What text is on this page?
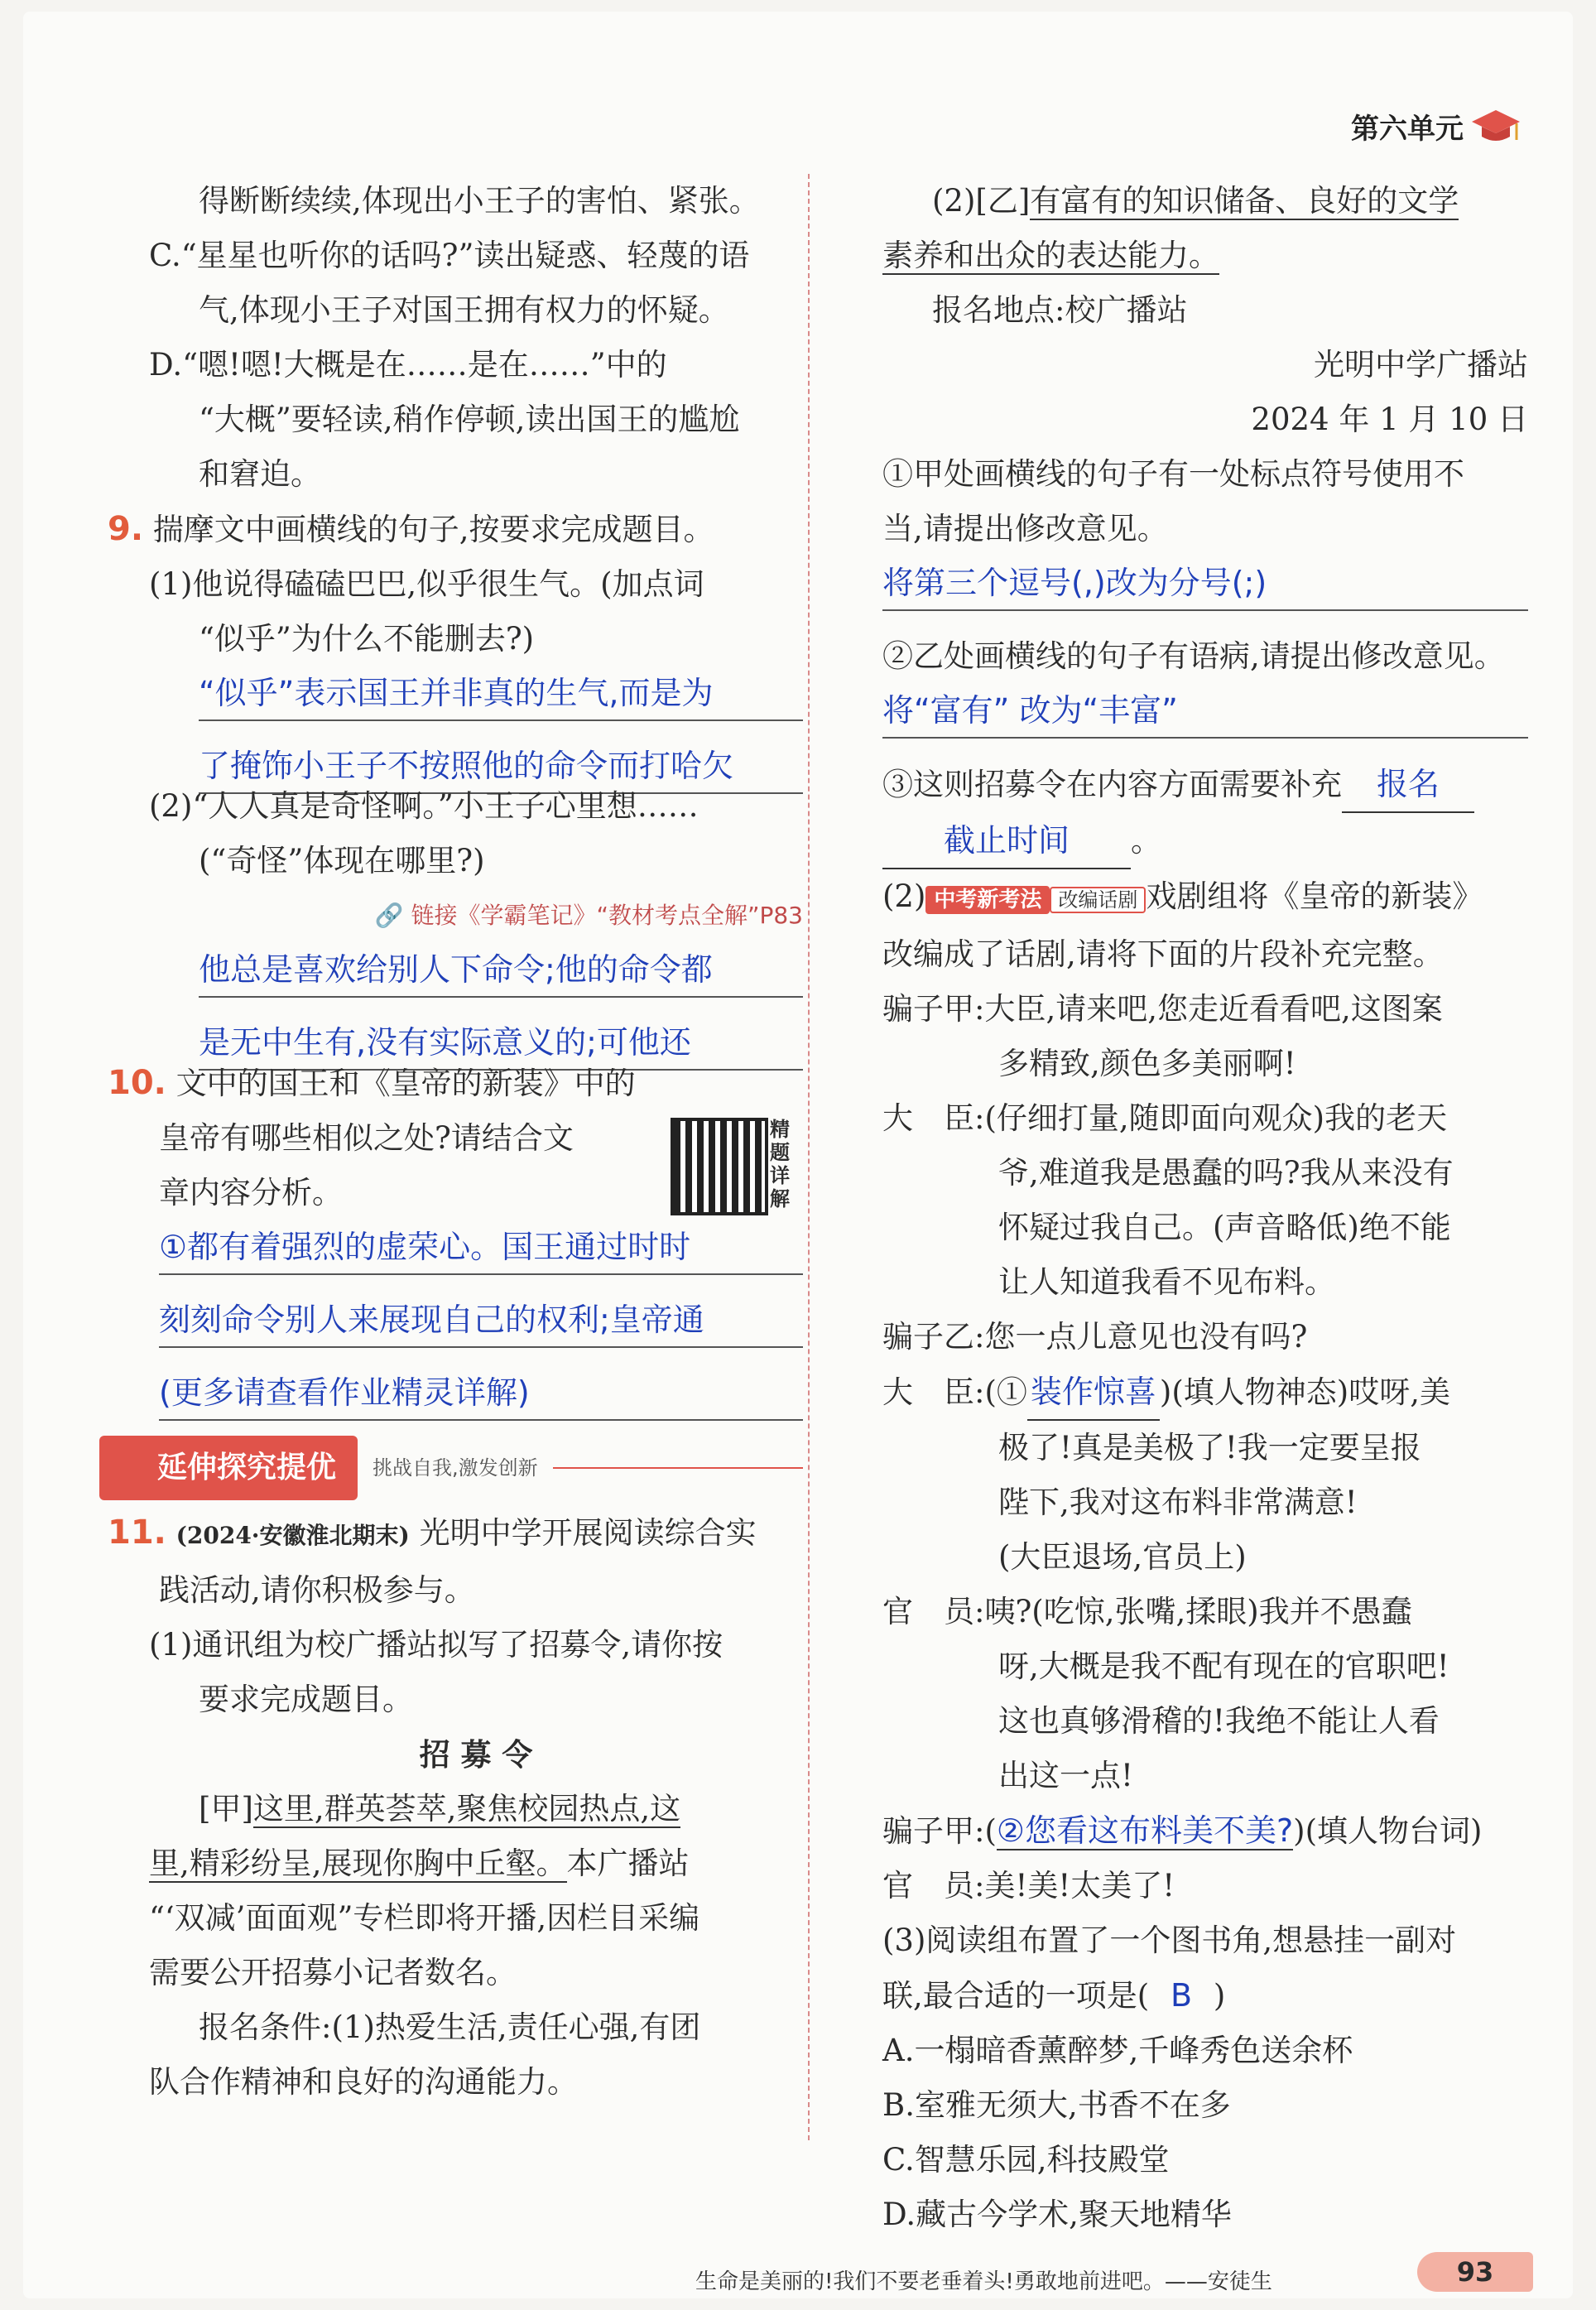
第六单元
得断断续续,体现出小王子的害怕、紧张。
C.“星星也听你的话吗?”读出疑惑、轻蔑的语
气,体现小王子对国王拥有权力的怀疑。
D.“嗯!嗯!大概是在……是在……”中的
“大概”要轻读,稍作停顿,读出国王的尴尬
和窘迫。
9. 揣摩文中画横线的句子,按要求完成题目。
(1)他说得磕磕巴巴,似乎很生气。(加点词
“似乎”为什么不能删去?)
“似乎”表示国王并非真的生气,而是为
了掩饰小王子不按照他的命令而打哈欠
(2)“人人真是奇怪啊。”小王子心里想……
(“奇怪”体现在哪里?)
🔗 链接《学霸笔记》“教材考点全解”P83
他总是喜欢给别人下命令;他的命令都
是无中生有,没有实际意义的;可他还
10. 文中的国王和《皇帝的新装》中的
皇帝有哪些相似之处?请结合文
章内容分析。
①都有着强烈的虚荣心。国王通过时时
刻刻命令别人来展现自己的权利;皇帝通
(更多请查看作业精灵详解)
延伸探究提优	挑战自我,激发创新
11. (2024·安徽淮北期末) 光明中学开展阅读综合实
践活动,请你积极参与。
(1)通讯组为校广播站拟写了招募令,请你按
要求完成题目。
招 募 令
[甲]这里,群英荟萃,聚焦校园热点,这
里,精彩纷呈,展现你胸中丘壑。本广播站
“‘双减’面面观”专栏即将开播,因栏目采编
需要公开招募小记者数名。
报名条件:(1)热爱生活,责任心强,有团
队合作精神和良好的沟通能力。
精题详解
(2)[乙]有富有的知识储备、良好的文学
素养和出众的表达能力。
报名地点:校广播站
光明中学广播站
2024 年 1 月 10 日
①甲处画横线的句子有一处标点符号使用不
当,请提出修改意见。
将第三个逗号(,)改为分号(;)
②乙处画横线的句子有语病,请提出修改意见。
将“富有” 改为“丰富”
③这则招募令在内容方面需要补充 报名
截止时间 。
(2) 中考新考法 改编话剧 戏剧组将《皇帝的新装》
改编成了话剧,请将下面的片段补充完整。
骗子甲:大臣,请来吧,您走近看看吧,这图案
多精致,颜色多美丽啊!
大　臣:(仔细打量,随即面向观众)我的老天
爷,难道我是愚蠢的吗?我从来没有
怀疑过我自己。(声音略低)绝不能
让人知道我看不见布料。
骗子乙:您一点儿意见也没有吗?
大　臣:(① 装作惊喜 )(填人物神态)哎呀,美
极了!真是美极了!我一定要呈报
陛下,我对这布料非常满意!
(大臣退场,官员上)
官　员:咦?(吃惊,张嘴,揉眼)我并不愚蠢
呀,大概是我不配有现在的官职吧!
这也真够滑稽的!我绝不能让人看
出这一点!
骗子甲:(②您看这布料美不美?)(填人物台词)
官　员:美!美!太美了!
(3)阅读组布置了一个图书角,想悬挂一副对
联,最合适的一项是( B )
A.一榻暗香薰醉梦,千峰秀色送余杯
B.室雅无须大,书香不在多
C.智慧乐园,科技殿堂
D.藏古今学术,聚天地精华
生命是美丽的!我们不要老垂着头!勇敢地前进吧。——安徒生	93
